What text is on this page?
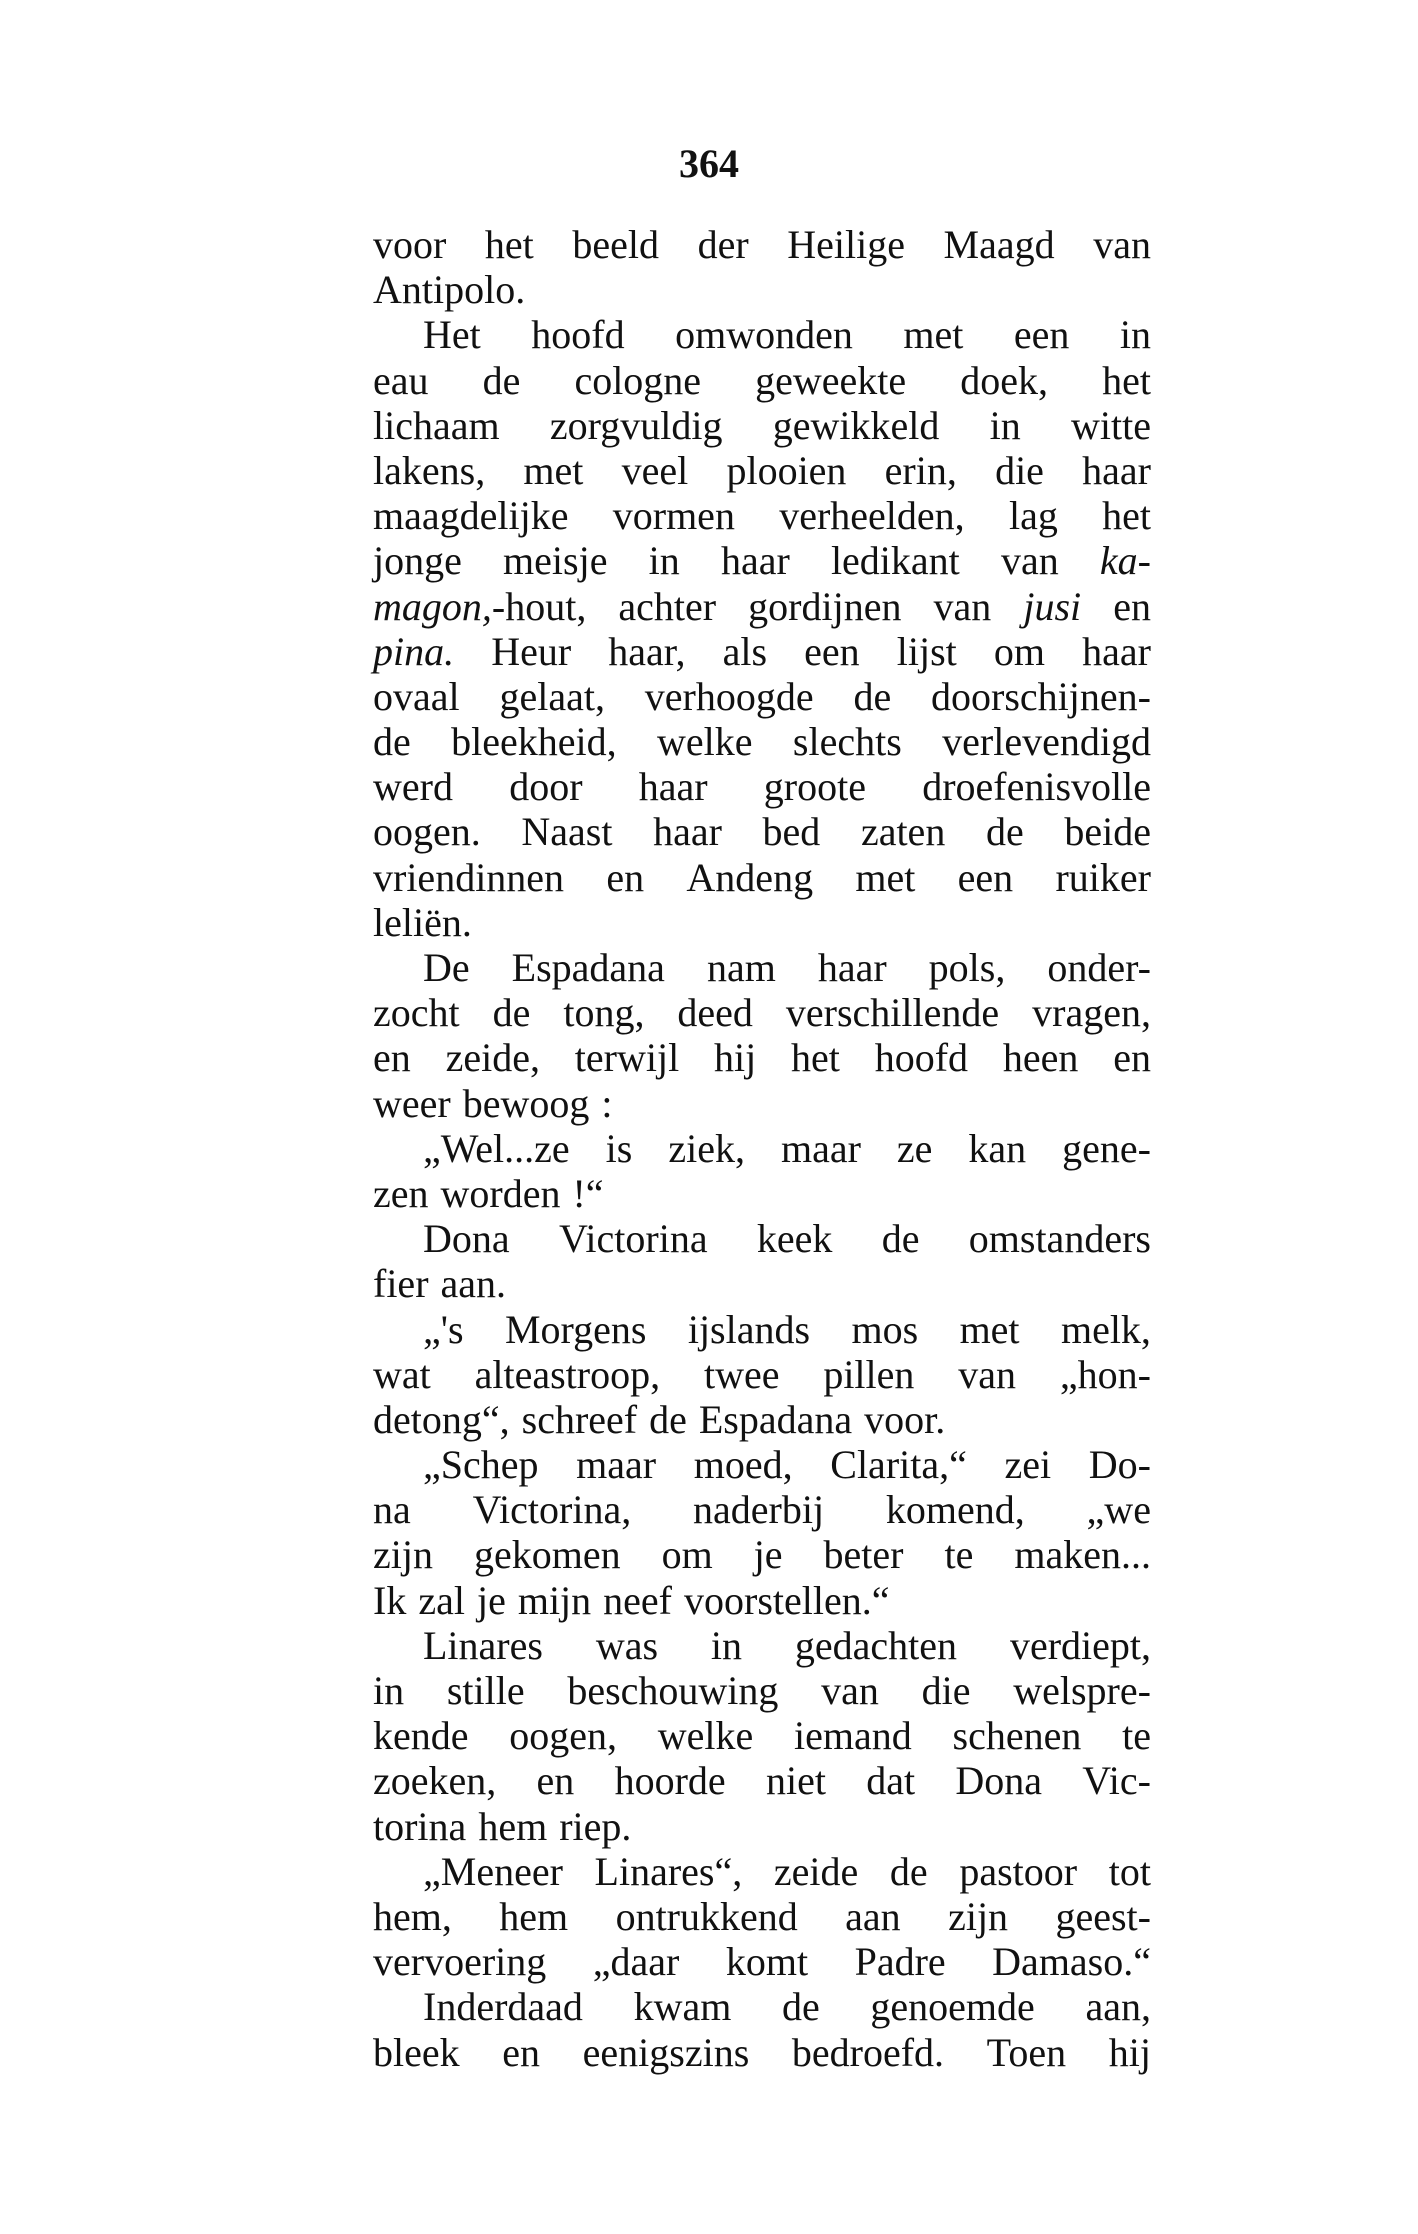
364
voor het beeld der Heilige Maagd van
Antipolo.
Het hoofd omwonden met een in
eau de cologne geweekte doek, het
lichaam zorgvuldig gewikkeld in witte
lakens, met veel plooien erin, die haar
maagdelijke vormen verheelden, lag het
jonge meisje in haar ledikant van ka-
magon,-hout, achter gordijnen van jusi en
pina. Heur haar, als een lijst om haar
ovaal gelaat, verhoogde de doorschijnen-
de bleekheid, welke slechts verlevendigd
werd door haar groote droefenisvolle
oogen. Naast haar bed zaten de beide
vriendinnen en Andeng met een ruiker
leliën.
De Espadana nam haar pols, onder-
zocht de tong, deed verschillende vragen,
en zeide, terwijl hij het hoofd heen en
weer bewoog :
„Wel...ze is ziek, maar ze kan gene-
zen worden !“
Dona Victorina keek de omstanders
fier aan.
„'s Morgens ijslands mos met melk,
wat alteastroop, twee pillen van „hon-
detong“, schreef de Espadana voor.
„Schep maar moed, Clarita,“ zei Do-
na Victorina, naderbij komend, „we
zijn gekomen om je beter te maken...
Ik zal je mijn neef voorstellen.“
Linares was in gedachten verdiept,
in stille beschouwing van die welspre-
kende oogen, welke iemand schenen te
zoeken, en hoorde niet dat Dona Vic-
torina hem riep.
„Meneer Linares“, zeide de pastoor tot
hem, hem ontrukkend aan zijn geest-
vervoering „daar komt Padre Damaso.“
Inderdaad kwam de genoemde aan,
bleek en eenigszins bedroefd. Toen hij
